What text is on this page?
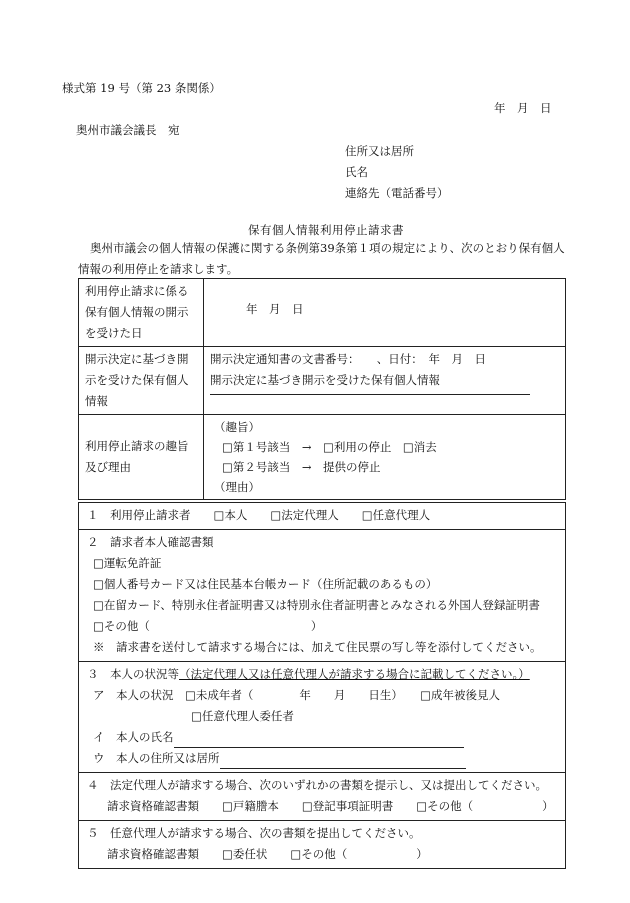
様式第 19 号（第 23 条関係）
年　月　日
奥州市議会議長　宛
住所又は居所
氏名
連絡先（電話番号）
保有個人情報利用停止請求書
奥州市議会の個人情報の保護に関する条例第39条第１項の規定により、次のとおり保有個人情報の利用停止を請求します。
利用停止請求に係る保有個人情報の開示を受けた日	年　月　日
開示決定に基づき開示を受けた保有個人情報	開示決定通知書の文書番号：　　、日付：　年　月　日
開示決定に基づき開示を受けた保有個人情報

利用停止請求の趣旨及び理由	（趣旨）
□第１号該当　→　□利用の停止　□消去
□第２号該当　→　提供の停止
（理由）
１　利用停止請求者　　□本人　　□法定代理人　　□任意代理人
２　請求者本人確認書類
□運転免許証
□個人番号カード又は住民基本台帳カード（住所記載のあるもの）
□在留カード、特別永住者証明書又は特別永住者証明書とみなされる外国人登録証明書
□その他（　　　　　　　　　　　　　　）
※　請求書を送付して請求する場合には、加えて住民票の写し等を添付してください。
３　本人の状況等（法定代理人又は任意代理人が請求する場合に記載してください。）
ア　本人の状況　□未成年者（　　　　年　　月　　日生）　　□成年被後見人
□任意代理人委任者
イ　本人の氏名
ウ　本人の住所又は居所
４　法定代理人が請求する場合、次のいずれかの書類を提示し、又は提出してください。
請求資格確認書類　　□戸籍謄本　　□登記事項証明書　　□その他（　　　　　　）
５　任意代理人が請求する場合、次の書類を提出してください。
請求資格確認書類　　□委任状　　□その他（　　　　　　）
